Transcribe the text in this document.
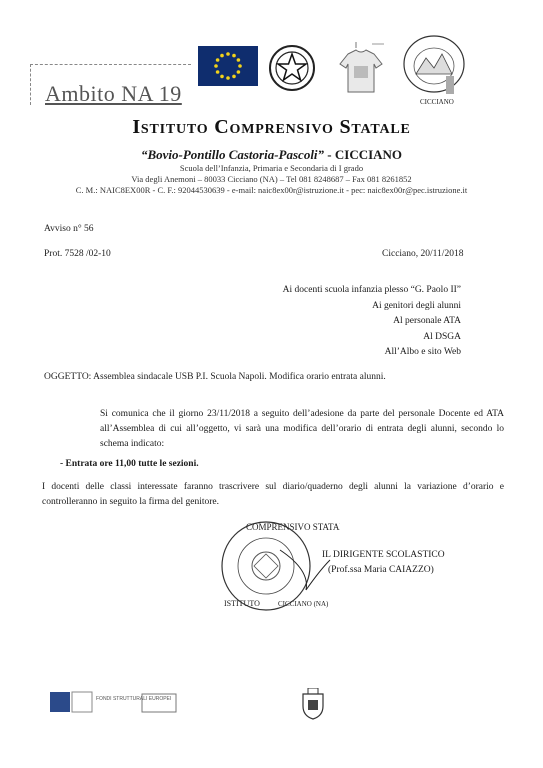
Ambito NA 19	CICCIANO
Istituto Comprensivo Statale
“Bovio-Pontillo Castoria-Pascoli” - CICCIANO
Scuola dell’Infanzia, Primaria e Secondaria di I grado
Via degli Anemoni – 80033 Cicciano (NA) – Tel 081 8248687 – Fax 081 8261852
C. M.: NAIC8EX00R - C. F.: 92044530639 - e-mail: naic8ex00r@istruzione.it - pec: naic8ex00r@pec.istruzione.it
Avviso n° 56
Prot. 7528 /02-10	Cicciano, 20/11/2018
Ai docenti scuola infanzia plesso “G. Paolo II”
Ai genitori degli alunni
Al personale ATA
Al DSGA
All’Albo e sito Web
OGGETTO: Assemblea sindacale USB P.I. Scuola Napoli. Modifica orario entrata alunni.
Si comunica che il giorno 23/11/2018 a seguito dell’adesione da parte del personale Docente ed ATA all’Assemblea di cui all’oggetto, vi sarà una modifica dell’orario di entrata degli alunni, secondo lo schema indicato:
- Entrata ore 11,00 tutte le sezioni.
I docenti delle classi interessate faranno trascrivere sul diario/quaderno degli alunni la variazione d’orario e controlleranno in seguito la firma del genitore.
COMPRENSIVO STATALE
ISTITUTO	CICCIANO (NA)
IL DIRIGENTE SCOLASTICO
(Prof.ssa Maria CAIAZZO)
FONDI STRUTTURALI EUROPEI
